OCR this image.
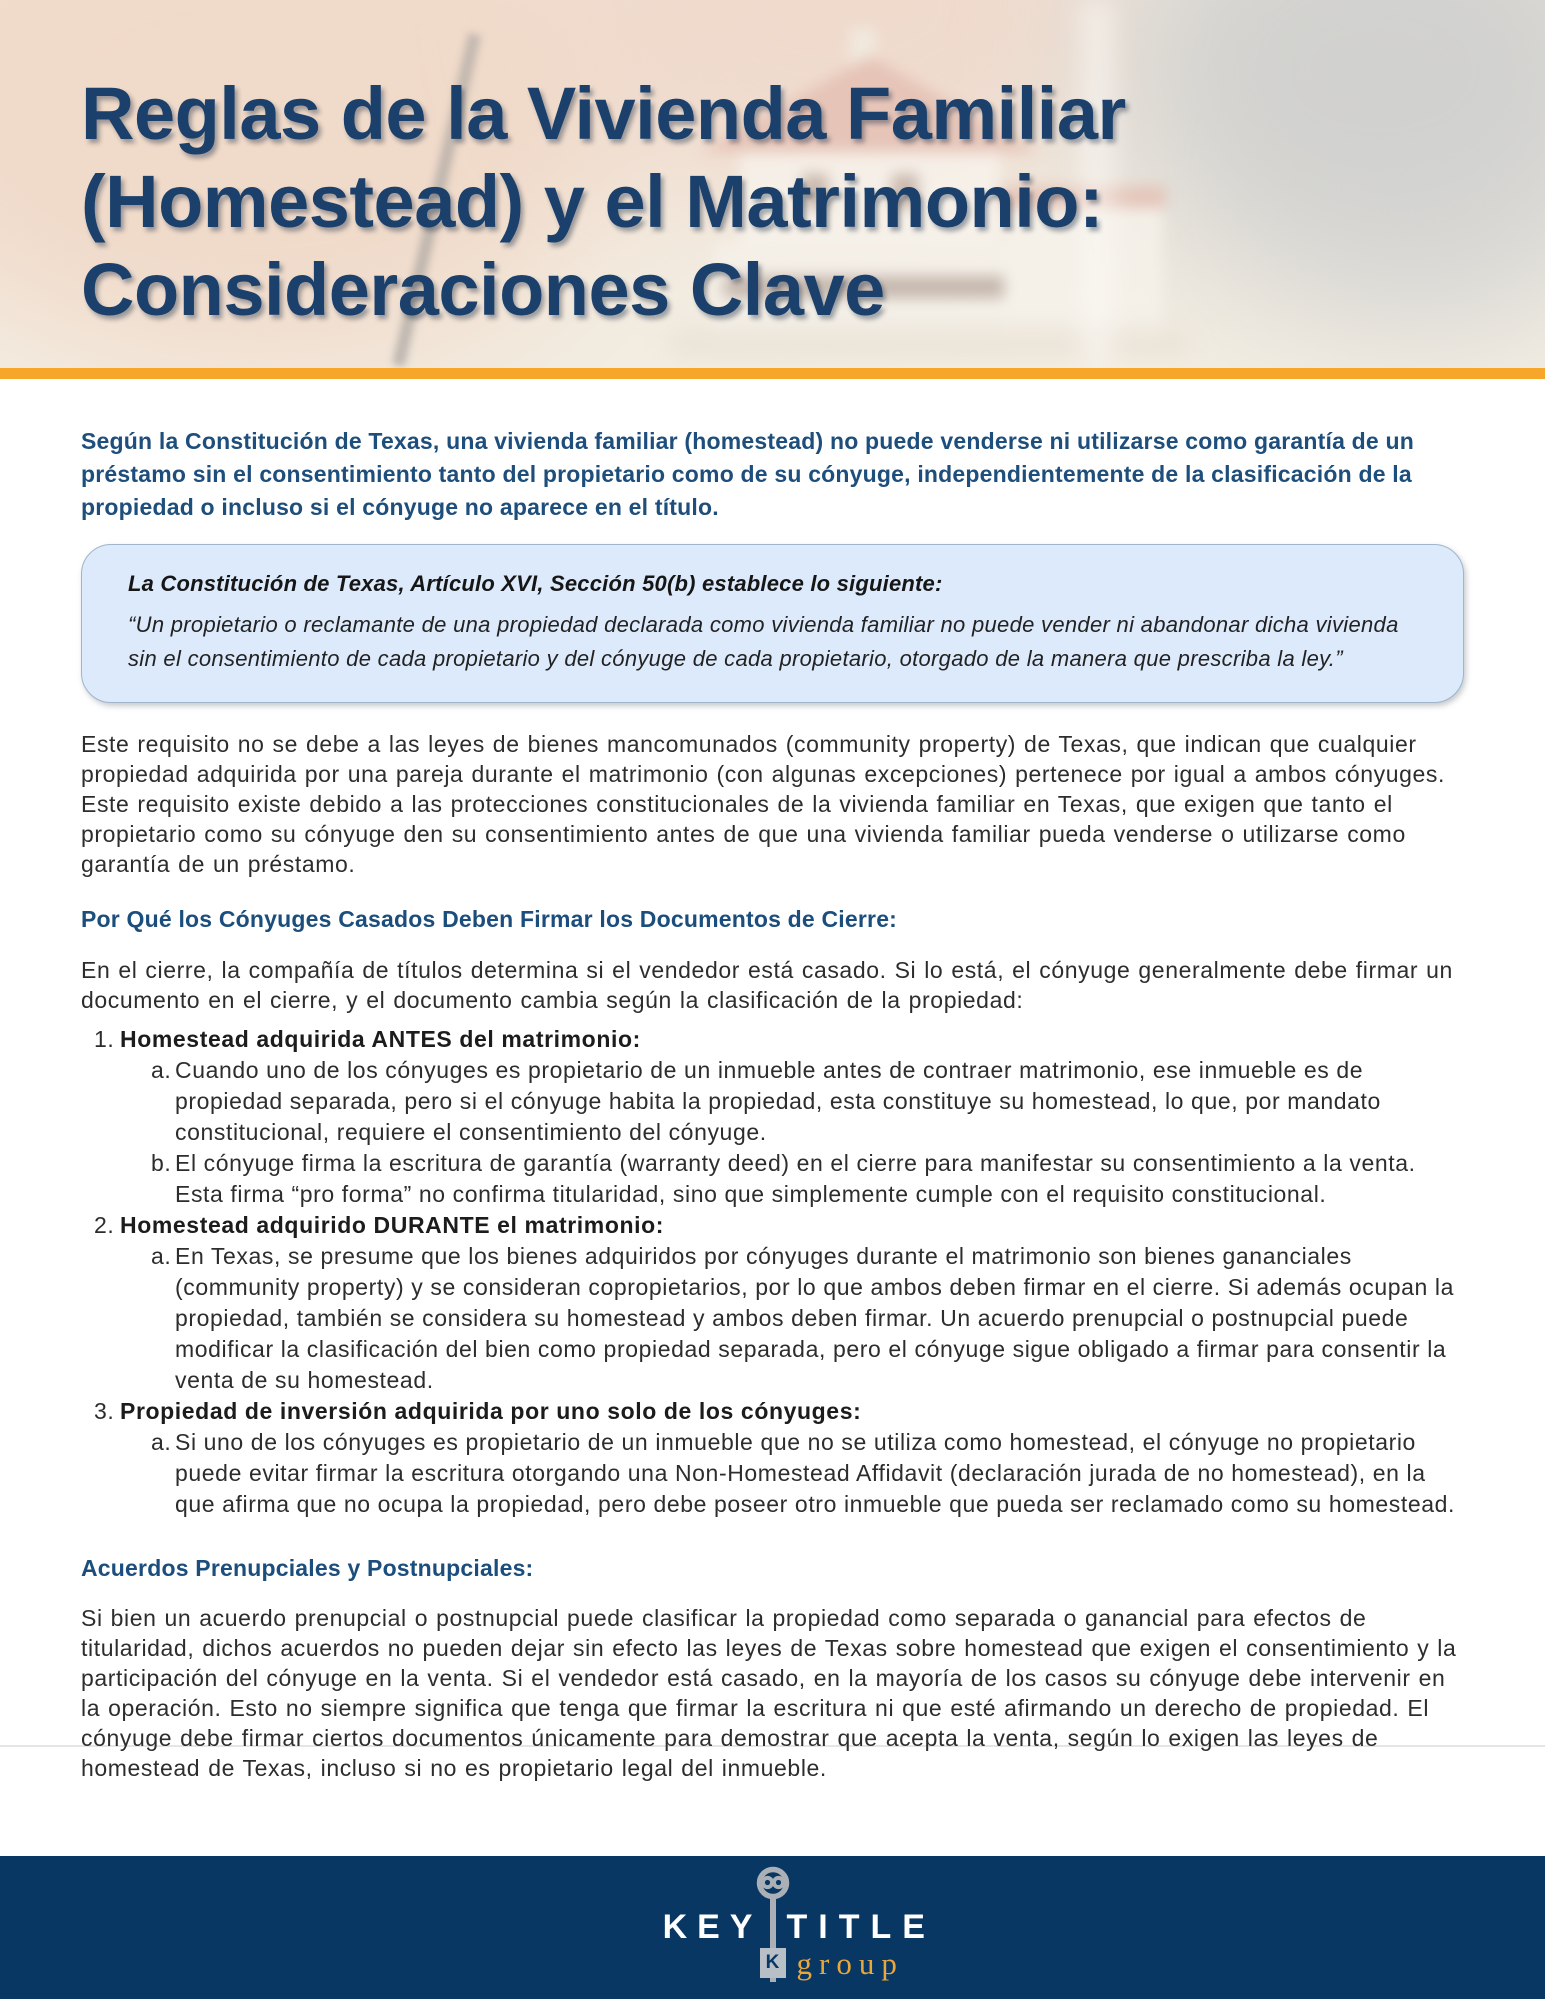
Reglas de la Vivienda Familiar
(Homestead) y el Matrimonio:
Consideraciones Clave

Según la Constitución de Texas, una vivienda familiar (homestead) no puede venderse ni utilizarse como garantía de un préstamo sin el consentimiento tanto del propietario como de su cónyuge, independientemente de la clasificación de la propiedad o incluso si el cónyuge no aparece en el título.

La Constitución de Texas, Artículo XVI, Sección 50(b) establece lo siguiente:
“Un propietario o reclamante de una propiedad declarada como vivienda familiar no puede vender ni abandonar dicha vivienda sin el consentimiento de cada propietario y del cónyuge de cada propietario, otorgado de la manera que prescriba la ley.”

Este requisito no se debe a las leyes de bienes mancomunados (community property) de Texas, que indican que cualquier propiedad adquirida por una pareja durante el matrimonio (con algunas excepciones) pertenece por igual a ambos cónyuges. Este requisito existe debido a las protecciones constitucionales de la vivienda familiar en Texas, que exigen que tanto el propietario como su cónyuge den su consentimiento antes de que una vivienda familiar pueda venderse o utilizarse como garantía de un préstamo.

Por Qué los Cónyuges Casados Deben Firmar los Documentos de Cierre:

En el cierre, la compañía de títulos determina si el vendedor está casado. Si lo está, el cónyuge generalmente debe firmar un documento en el cierre, y el documento cambia según la clasificación de la propiedad:

1. Homestead adquirida ANTES del matrimonio:
a. Cuando uno de los cónyuges es propietario de un inmueble antes de contraer matrimonio, ese inmueble es de propiedad separada, pero si el cónyuge habita la propiedad, esta constituye su homestead, lo que, por mandato constitucional, requiere el consentimiento del cónyuge.
b. El cónyuge firma la escritura de garantía (warranty deed) en el cierre para manifestar su consentimiento a la venta. Esta firma “pro forma” no confirma titularidad, sino que simplemente cumple con el requisito constitucional.
2. Homestead adquirido DURANTE el matrimonio:
a. En Texas, se presume que los bienes adquiridos por cónyuges durante el matrimonio son bienes gananciales (community property) y se consideran copropietarios, por lo que ambos deben firmar en el cierre. Si además ocupan la propiedad, también se considera su homestead y ambos deben firmar. Un acuerdo prenupcial o postnupcial puede modificar la clasificación del bien como propiedad separada, pero el cónyuge sigue obligado a firmar para consentir la venta de su homestead.
3. Propiedad de inversión adquirida por uno solo de los cónyuges:
a. Si uno de los cónyuges es propietario de un inmueble que no se utiliza como homestead, el cónyuge no propietario puede evitar firmar la escritura otorgando una Non-Homestead Affidavit (declaración jurada de no homestead), en la que afirma que no ocupa la propiedad, pero debe poseer otro inmueble que pueda ser reclamado como su homestead.
Acuerdos Prenupciales y Postnupciales:

Si bien un acuerdo prenupcial o postnupcial puede clasificar la propiedad como separada o ganancial para efectos de titularidad, dichos acuerdos no pueden dejar sin efecto las leyes de Texas sobre homestead que exigen el consentimiento y la participación del cónyuge en la venta. Si el vendedor está casado, en la mayoría de los casos su cónyuge debe intervenir en la operación. Esto no siempre significa que tenga que firmar la escritura ni que esté afirmando un derecho de propiedad. El cónyuge debe firmar ciertos documentos únicamente para demostrar que acepta la venta, según lo exigen las leyes de homestead de Texas, incluso si no es propietario legal del inmueble.

KEY TITLE
K group
